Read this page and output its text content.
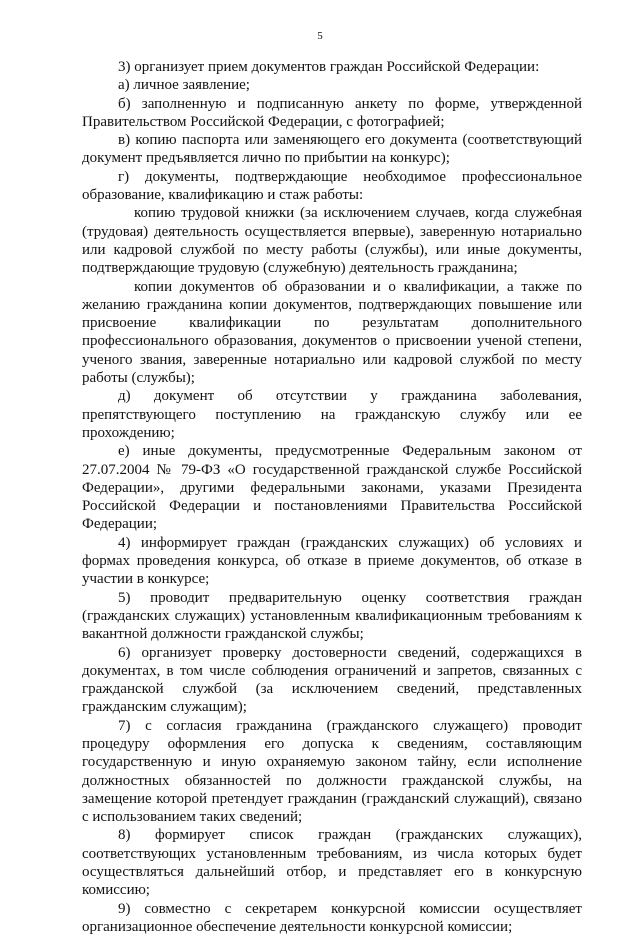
5

3) организует прием документов граждан Российской Федерации:

а) личное заявление;

б) заполненную и подписанную анкету по форме, утвержденной Правительством Российской Федерации, с фотографией;

в) копию паспорта или заменяющего его документа (соответствующий документ предъявляется лично по прибытии на конкурс);

г) документы, подтверждающие необходимое профессиональное образование, квалификацию и стаж работы:

копию трудовой книжки (за исключением случаев, когда служебная (трудовая) деятельность осуществляется впервые), заверенную нотариально или кадровой службой по месту работы (службы), или иные документы, подтверждающие трудовую (служебную) деятельность гражданина;

копии документов об образовании и о квалификации, а также по желанию гражданина копии документов, подтверждающих повышение или присвоение квалификации по результатам дополнительного профессионального образования, документов о присвоении ученой степени, ученого звания, заверенные нотариально или кадровой службой по месту работы (службы);

д) документ об отсутствии у гражданина заболевания, препятствующего поступлению на гражданскую службу или ее прохождению;

е) иные документы, предусмотренные Федеральным законом от 27.07.2004 № 79-ФЗ «О государственной гражданской службе Российской Федерации», другими федеральными законами, указами Президента Российской Федерации и постановлениями Правительства Российской Федерации;

4) информирует граждан (гражданских служащих) об условиях и формах проведения конкурса, об отказе в приеме документов, об отказе в участии в конкурсе;

5) проводит предварительную оценку соответствия граждан (гражданских служащих) установленным квалификационным требованиям к вакантной должности гражданской службы;

6) организует проверку достоверности сведений, содержащихся в документах, в том числе соблюдения ограничений и запретов, связанных с гражданской службой (за исключением сведений, представленных гражданским служащим);

7) с согласия гражданина (гражданского служащего) проводит процедуру оформления его допуска к сведениям, составляющим государственную и иную охраняемую законом тайну, если исполнение должностных обязанностей по должности гражданской службы, на замещение которой претендует гражданин (гражданский служащий), связано с использованием таких сведений;

8) формирует список граждан (гражданских служащих), соответствующих установленным требованиям, из числа которых будет осуществляться дальнейший отбор, и представляет его в конкурсную комиссию;

9) совместно с секретарем конкурсной комиссии осуществляет организационное обеспечение деятельности конкурсной комиссии;
